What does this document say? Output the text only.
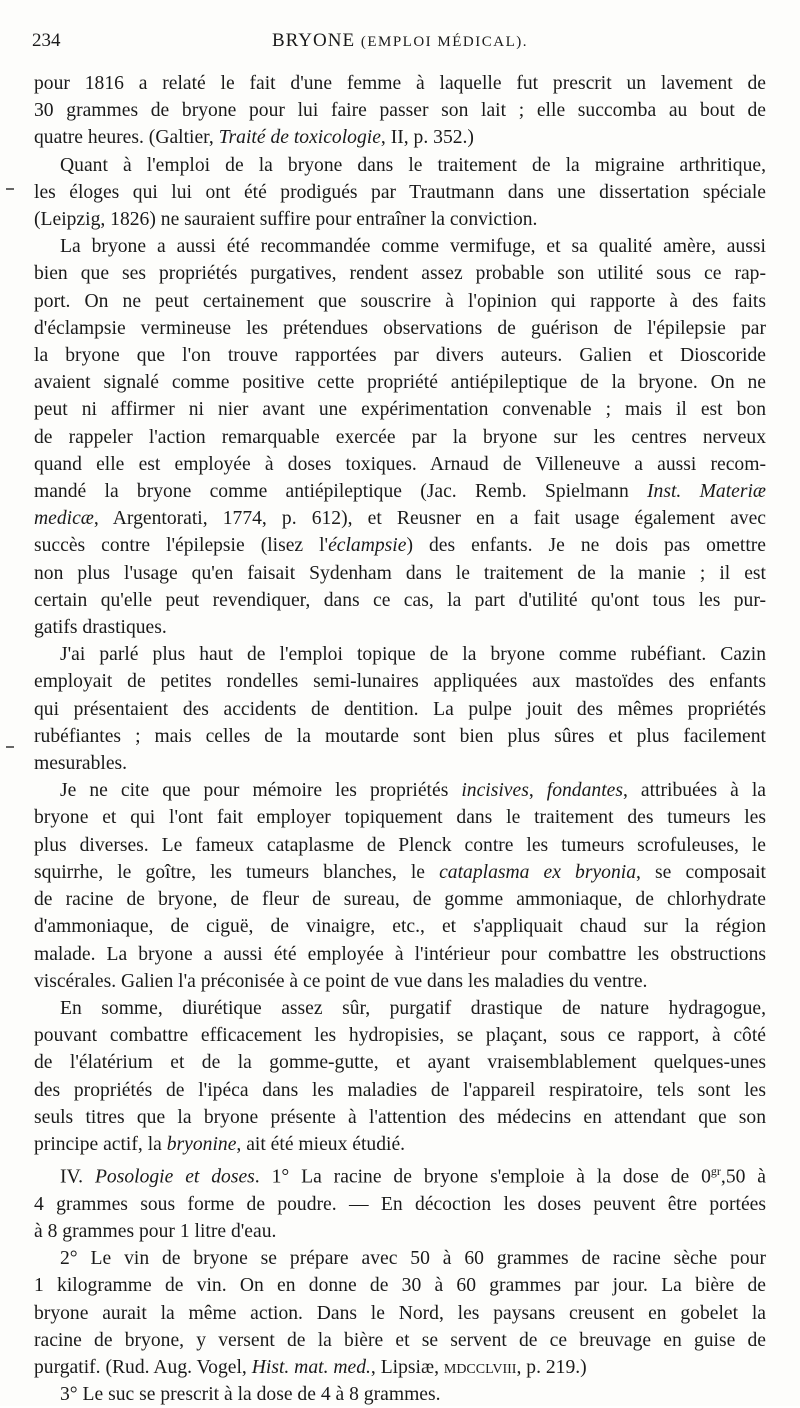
234	BRYONE (EMPLOI MÉDICAL).

pour 1816 a relaté le fait d'une femme à laquelle fut prescrit un lavement de
30 grammes de bryone pour lui faire passer son lait ; elle succomba au bout de
quatre heures. (Galtier, Traité de toxicologie, II, p. 352.)

Quant à l'emploi de la bryone dans le traitement de la migraine arthritique,
les éloges qui lui ont été prodigués par Trautmann dans une dissertation spéciale
(Leipzig, 1826) ne sauraient suffire pour entraîner la conviction.

La bryone a aussi été recommandée comme vermifuge, et sa qualité amère, aussi
bien que ses propriétés purgatives, rendent assez probable son utilité sous ce rap-
port. On ne peut certainement que souscrire à l'opinion qui rapporte à des faits
d'éclampsie vermineuse les prétendues observations de guérison de l'épilepsie par
la bryone que l'on trouve rapportées par divers auteurs. Galien et Dioscoride
avaient signalé comme positive cette propriété antiépileptique de la bryone. On ne
peut ni affirmer ni nier avant une expérimentation convenable ; mais il est bon
de rappeler l'action remarquable exercée par la bryone sur les centres nerveux
quand elle est employée à doses toxiques. Arnaud de Villeneuve a aussi recom-
mandé la bryone comme antiépileptique (Jac. Remb. Spielmann Inst. Materiæ
medicæ, Argentorati, 1774, p. 612), et Reusner en a fait usage également avec
succès contre l'épilepsie (lisez l'éclampsie) des enfants. Je ne dois pas omettre
non plus l'usage qu'en faisait Sydenham dans le traitement de la manie ; il est
certain qu'elle peut revendiquer, dans ce cas, la part d'utilité qu'ont tous les pur-
gatifs drastiques.

J'ai parlé plus haut de l'emploi topique de la bryone comme rubéfiant. Cazin
employait de petites rondelles semi-lunaires appliquées aux mastoïdes des enfants
qui présentaient des accidents de dentition. La pulpe jouit des mêmes propriétés
rubéfiantes ; mais celles de la moutarde sont bien plus sûres et plus facilement
mesurables.

Je ne cite que pour mémoire les propriétés incisives, fondantes, attribuées à la
bryone et qui l'ont fait employer topiquement dans le traitement des tumeurs les
plus diverses. Le fameux cataplasme de Plenck contre les tumeurs scrofuleuses, le
squirrhe, le goître, les tumeurs blanches, le cataplasma ex bryonia, se composait
de racine de bryone, de fleur de sureau, de gomme ammoniaque, de chlorhydrate
d'ammoniaque, de ciguë, de vinaigre, etc., et s'appliquait chaud sur la région
malade. La bryone a aussi été employée à l'intérieur pour combattre les obstructions
viscérales. Galien l'a préconisée à ce point de vue dans les maladies du ventre.

En somme, diurétique assez sûr, purgatif drastique de nature hydragogue,
pouvant combattre efficacement les hydropisies, se plaçant, sous ce rapport, à côté
de l'élatérium et de la gomme-gutte, et ayant vraisemblablement quelques-unes
des propriétés de l'ipéca dans les maladies de l'appareil respiratoire, tels sont les
seuls titres que la bryone présente à l'attention des médecins en attendant que son
principe actif, la bryonine, ait été mieux étudié.

IV. Posologie et doses. 1° La racine de bryone s'emploie à la dose de $0^{gr},50$ à
4 grammes sous forme de poudre. — En décoction les doses peuvent être portées
à 8 grammes pour 1 litre d'eau.

2° Le vin de bryone se prépare avec 50 à 60 grammes de racine sèche pour
1 kilogramme de vin. On en donne de 30 à 60 grammes par jour. La bière de
bryone aurait la même action. Dans le Nord, les paysans creusent en gobelet la
racine de bryone, y versent de la bière et se servent de ce breuvage en guise de
purgatif. (Rud. Aug. Vogel, Hist. mat. med., Lipsiæ, mdcclviii, p. 219.)

3° Le suc se prescrit à la dose de 4 à 8 grammes.
